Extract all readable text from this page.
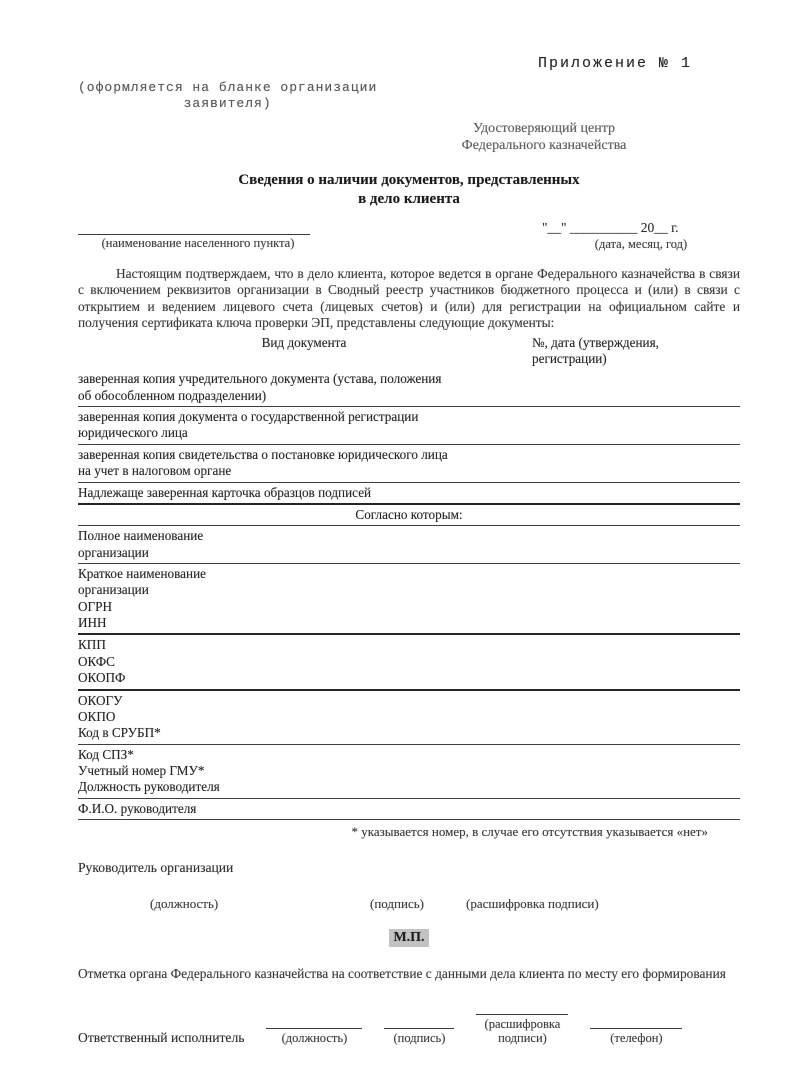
Приложение № 1
(оформляется на бланке организации
заявителя)
Удостоверяющий центр
Федерального казначейства
Сведения о наличии документов, представленных
в дело клиента
(наименование населенного пункта)
"__" __________ 20__ г.
(дата, месяц, год)
Настоящим подтверждаем, что в дело клиента, которое ведется в органе Федерального казначейства в связи с включением реквизитов организации в Сводный реестр участников бюджетного процесса и (или) в связи с открытием и ведением лицевого счета (лицевых счетов) и (или) для регистрации на официальном сайте и получения сертификата ключа проверки ЭП, представлены следующие документы:
Вид документа	№, дата (утверждения,
регистрации)
заверенная копия учредительного документа (устава, положения
об обособленном подразделении)
заверенная копия документа о государственной регистрации
юридического лица
заверенная копия свидетельства о постановке юридического лица
на учет в налоговом органе
Надлежаще заверенная карточка образцов подписей
Согласно которым:
Полное наименование
организации
Краткое наименование
организации
ОГРН
ИНН
КПП
ОКФС
ОКОПФ
ОКОГУ
ОКПО
Код в СРУБП*
Код СПЗ*
Учетный номер ГМУ*
Должность руководителя
Ф.И.О. руководителя
* указывается номер, в случае его отсутствия указывается «нет»
Руководитель организации
(должность)	(подпись)	(расшифровка подписи)
М.П.
Отметка органа Федерального казначейства на соответствие с данными дела клиента по месту его формирования
Ответственный исполнитель	(должность)	(подпись)
(расшифровка
подписи)	(телефон)
